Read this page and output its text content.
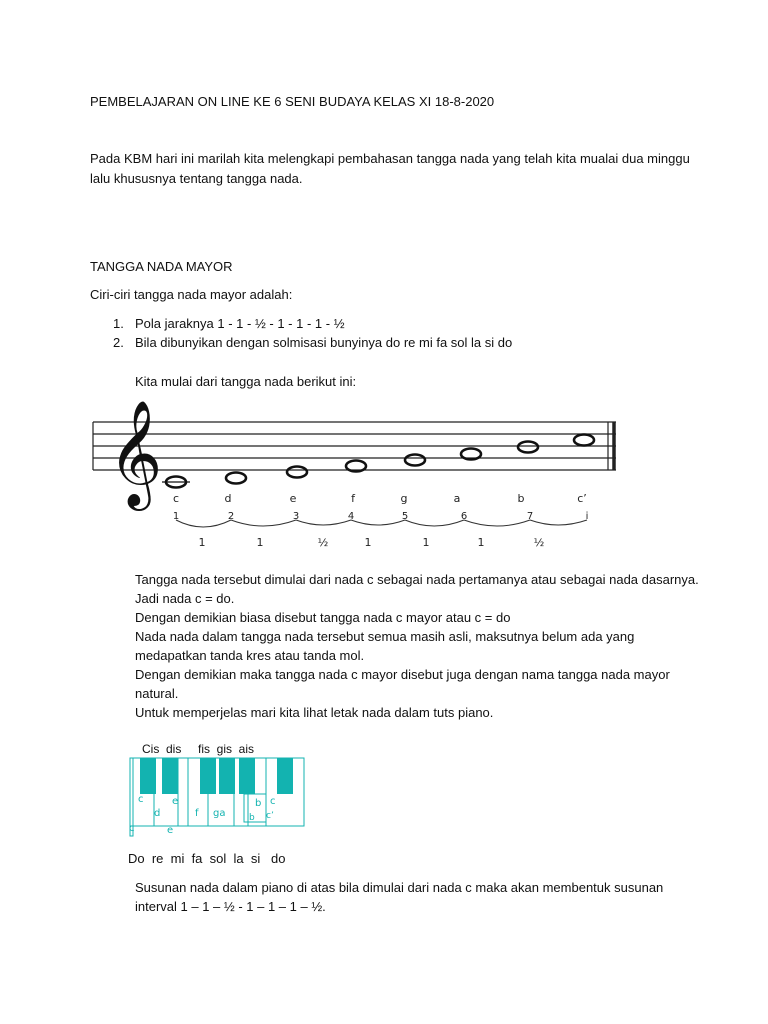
PEMBELAJARAN ON LINE KE 6 SENI BUDAYA KELAS XI 18-8-2020
Pada KBM hari ini marilah kita melengkapi pembahasan tangga nada yang telah kita mualai dua minggu
lalu khususnya tentang tangga nada.
TANGGA NADA MAYOR
Ciri-ciri tangga nada mayor adalah:
1. Pola jaraknya 1 - 1 - ½ - 1 - 1 - 1 - ½
2. Bila dibunyikan dengan solmisasi bunyinya do re mi fa sol la si do
Kita mulai dari tangga nada berikut ini:
𝄞 c	d	e	f	g	a	b	c’
1	2	3	4	5	6	7	i
1	1	½	1	1	1	½
Tangga nada tersebut dimulai dari nada c sebagai nada pertamanya atau sebagai nada dasarnya.
Jadi nada c = do.
Dengan demikian biasa disebut tangga nada c mayor atau c = do
Nada nada dalam tangga nada tersebut semua masih asli, maksutnya belum ada yang
medapatkan tanda kres atau tanda mol.
Dengan demikian maka tangga nada c mayor disebut juga dengan nama tangga nada mayor
natural.
Untuk memperjelas mari kita lihat letak nada dalam tuts piano.
Cis  dis     fis  gis  ais
c
c
d
e
e
f ga
b
b
c
c’
Do  re  mi  fa  sol  la  si   do
Susunan nada dalam piano di atas bila dimulai dari nada c maka akan membentuk susunan
interval 1 – 1 – ½ - 1 – 1 – 1 – ½.
